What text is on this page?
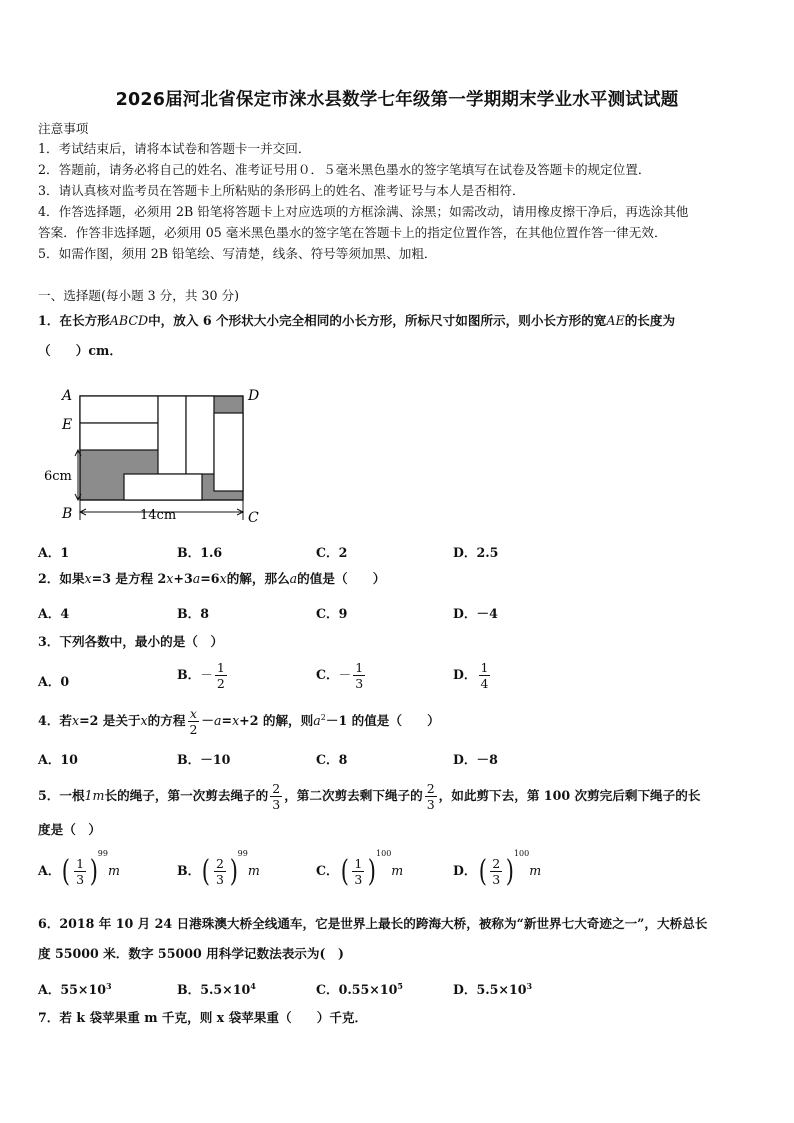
2026届河北省保定市涞水县数学七年级第一学期期末学业水平测试试题
注意事项
1．考试结束后，请将本试卷和答题卡一并交回．
2．答题前，请务必将自己的姓名、准考证号用０．５毫米黑色墨水的签字笔填写在试卷及答题卡的规定位置．
3．请认真核对监考员在答题卡上所粘贴的条形码上的姓名、准考证号与本人是否相符．
4．作答选择题，必须用 2B 铅笔将答题卡上对应选项的方框涂满、涂黑；如需改动，请用橡皮擦干净后，再选涂其他
答案．作答非选择题，必须用 05 毫米黑色墨水的签字笔在答题卡上的指定位置作答，在其他位置作答一律无效．
5．如需作图，须用 2B 铅笔绘、写清楚，线条、符号等须加黑、加粗．
一、选择题(每小题 3 分，共 30 分)
1．在长方形ABCD中，放入 6 个形状大小完全相同的小长方形，所标尺寸如图所示，则小长方形的宽AE的长度为
（　　）cm．
A	D
E
B	C
6cm
14cm
A．1	B．1.6	C．2	D．2.5
2．如果x=3 是方程 2x+3a=6x的解，那么a的值是（　　）
A．4	B．8	C．9	D．－4
3．下列各数中，最小的是（　）
A．0	B．－ $\frac{1}{2}$	C．－ $\frac{1}{3}$	D． $\frac{1}{4}$
4．若x=2 是关于x的方程 $\frac{x}{2} -a=x+2$ 的解，则$a^2-1$ 的值是（　　）
A．10	B．－10	C．8	D．－8
5．一根1m长的绳子，第一次剪去绳子的 $\frac{2}{3}$ ，第二次剪去剩下绳子的 $\frac{2}{3}$ ，如此剪下去，第 100 次剪完后剩下绳子的长
度是（　）
A．( $\frac{1}{3} )^{99}m$	B．( $\frac{2}{3} )^{99}m$	C．( $\frac{1}{3} )^{100}m$	D．( $\frac{2}{3} )^{100}m$
6．2018 年 10 月 24 日港珠澳大桥全线通车，它是世界上最长的跨海大桥，被称为“新世界七大奇迹之一”，大桥总长
度 55000 米．数字 55000 用科学记数法表示为(　)
A．$55\times 10^3$	B．$5.5\times 10^4$	C．$0.55\times 10^5$	D．$5.5\times 10^3$
7．若 k 袋苹果重 m 千克，则 x 袋苹果重（　　）千克．
